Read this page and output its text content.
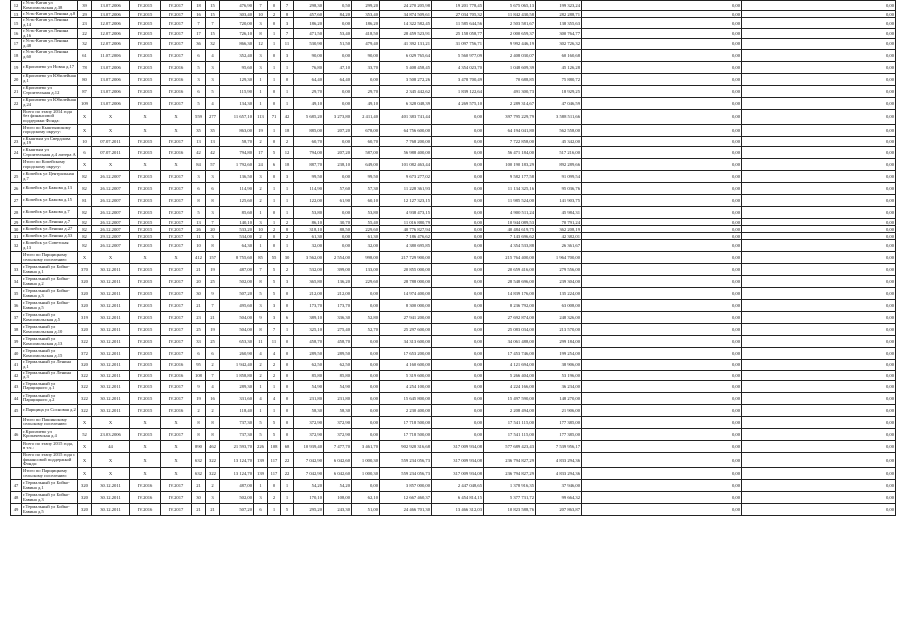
12	г.Усть-Катав ул Комсомольская д.38	39	13.07.2006	IV.2015	IV.2017	18	15	476,90	7	0	7	298,30	0,50	299,20	24 270 205,98	19 201 778,45	5 675 065,13	199 323,24	0,00	0,00
13	г.Усть-Катав ул Ленина д.8	29	13.07.2006	IV.2015	IV.2017	16	15	303,40	10	2	8	457,60	84,20	353,40	34 874 509,61	27 034 705,32	11 842 430,58	282 288,71	0,00	0,00
15	г.Усть-Катав ул Ленина д.14	23	12.07.2006	IV.2015	IV.2017	7	7	720,00	3	0	3	186,20	0,00	186,20	14 322 582,45	11 585 644,56	2 503 581,67	138 355,63	0,00	0,00
16	г.Усть-Катав ул Ленина д.16	22	12.07.2006	IV.2015	IV.2017	17	15	726,10	8	1	7	471,50	53,40	418,50	28 459 523,91	25 158 058,77	2 000 659,37	300 764,77	0,00	0,00
17	г.Усть-Катав ул Ленина д.48	32	12.07.2006	IV.2015	IV.2017	36	32	866,30	12	1	11	530,90	51,50	479,40	41 392 131,21	31 097 756,71	9 992 446,19	302 726,32	0,00	0,00
18	г.Усть-Катав ул Ленина д.60	61	11.07.2006	IV.2015	IV.2017	6	4	352,40	3	0	3	90,00	0,00	90,00	6 029 765,64	5 560 977,09	2 408 030,07	60 160,68	0,00	0,00
19	г.Кропачево ул Новая д.17	78	13.07.2006	IV.2015	IV.2016	5	3	95,60	3	1	1	76,80	47,10	33,70	5 408 458,45	4 354 023,70	1 048 609,39	45 126,28	0,00	0,00
20	г.Кропачево ул Юбилейная д.1	80	13.07.2006	IV.2015	IV.2016	3	3	129,30	1	1	0	64,40	64,40	0,00	3 508 272,26	3 478 700,49	70 688,85	75 880,72	0,00	0,00
21	г.Кропачево ул Строительная д.12	87	13.07.2006	IV.2015	IV.2016	6	5	115,90	1	0	1	29,70	0,00	29,70	2 345 442,62	1 839 122,64	491 300,73	18 929,25	0,00	0,00
22	г.Кропачево ул Юбилейная д.24	109	13.07.2006	IV.2015	IV.2017	5	4	134,30	1	0	1	49,10	0,00	49,10	6 328 048,39	4 269 575,10	2 289 314,67	47 046,59	0,00	0,00
	Всего по этапу 2014 года без финансовой поддержки Фонда:	X	X	X	X	559	277	11 657,10	113	71	42	5 685,20	3 273,80	2 411,40	401 383 741,44	0,00	397 795 229,79	3 588 511,66	0,00	0,00
	Итого по Кыштымскому городскому округу:	X	X	X	X	35	35	863,00	19	1	18	885,00	207,20	678,00	64 756 600,00	0,00	64 194 041,80	562 558,00	0,00	0,00
23	г.Кыштым ул Свердлова д.19	10	07.07.2011	IV.2015	IV.2017	13	13	58,70	2	0	2	60,70	0,00	60,70	7 768 200,00	0,00	7 722 858,00	45 342,00	0,00	0,00
24	г.Кыштым ул Строительная д.4 литера А	6	07.07.2011	IV.2015	IV.2016	42	42	794,80	17	5	12	794,00	207,20	587,00	56 988 400,00	0,00	56 471 184,00	517 216,00	0,00	0,00
	Итого по Копейскому городскому округу:	X	X	X	X	84	57	1 792,60	24	6	18	887,70	238,10	649,00	101 082 463,44	0,00	100 190 183,29	892 289,66	0,00	0,00
25	г.Копейск ул Центральная д.7	82	26.12.2007	IV.2015	IV.2017	3	3	136,50	3	0	3	99,50	0,00	99,50	9 673 277,02	0,00	9 582 177,58	91 099,54	0,00	0,00
26	г.Копейск ул Бажова д.13	82	26.12.2007	IV.2015	IV.2017	6	6	114,90	2	1	1	114,90	57,60	57,30	11 228 361,93	0,00	11 134 325,16	95 036,76	0,00	0,00
27	г.Копейск ул Бажова д.15	81	26.12.2007	IV.2015	IV.2017	8	8	125,60	2	1	1	122,00	61,90	60,10	12 127 323,15	0,00	11 985 524,00	141 903,75	0,00	0,00
28	г.Копейск ул Бажова д.7	82	26.12.2007	IV.2015	IV.2017	5	3	85,60	1	0	1	53,80	0,00	53,80	4 938 473,15	0,00	4 900 511,24	45 984,31	0,00	0,00
29	г.Копейск ул Ленина д.7	82	26.12.2007	IV.2015	IV.2017	13	7	140,10	3	1	2	86,10	30,70	55,40	11 016 880,79	0,00	10 944 089,53	70 791,24	0,00	0,00
30	г.Копейск ул Ленина д.27	82	26.12.2007	IV.2015	IV.2017	26	20	533,20	10	2	8	318,10	88,50	229,60	40 776 827,94	0,00	40 484 619,75	362 208,19	0,00	0,00
31	г.Копейск ул Ленина д.53	82	29.12.2007	IV.2015	IV.2017	11	3	534,00	2	0	2	61,30	0,00	61,30	7 186 476,62	0,00	7 143 696,62	42 382,01	0,00	0,00
32	г.Копейск ул Советская д.13	82	26.12.2007	IV.2015	IV.2017	10	8	64,30	1	0	1	32,00	0,00	32,00	4 380 695,85	0,00	4 354 533,88	26 361,67	0,00	0,00
	Итого по Парщицкому сельскому поселению:	X	X	X	X	412	157	8 755,60	85	55	30	3 562,00	2 554,00	998,00	217 729 900,00	0,00	215 764 400,00	1 964 700,00	0,00	0,00
33	г.Термальный ул Бойко-Бавина д.1	370	30.12.2011	IV.2015	IV.2017	21	19	487,00	7	5	2	532,00	399,00	133,00	20 855 000,00	0,00	20 659 416,00	279 556,00	0,00	0,00
34	г.Термальный ул Бойко-Бавина д.2	320	30.12.2011	IV.2015	IV.2017	20	25	502,00	8	5	3	365,80	136,20	229,60	28 788 000,00	0,00	28 548 696,00	239 304,00	0,00	0,00
35	г.Термальный ул Бойко-Бавина д.3	320	30.12.2011	IV.2015	IV.2017	30	9	507,20	5	5	0	212,00	212,00	0,00	14 974 400,00	0,00	14 839 176,00	135 224,00	0,00	0,00
36	г.Термальный ул Бойко-Бавина д.5	320	30.12.2011	IV.2015	IV.2017	21	7	495,60	3	3	0	173,70	173,70	0,00	8 300 000,00	0,00	8 236 792,00	63 008,00	0,00	0,00
37	г.Термальный ул Комсомольская д.5	319	30.12.2011	IV.2015	IV.2017	23	21	504,00	9	3	6	389,10	336,30	52,80	27 941 200,00	0,00	27 692 874,00	248 326,00	0,00	0,00
38	г.Термальный ул Комсомольская д.10	320	30.12.2011	IV.2015	IV.2017	25	19	504,00	8	7	1	325,10	275,40	52,70	25 297 600,00	0,00	25 083 034,00	213 570,00	0,00	0,00
39	г.Термальный ул Комсомольская д.13	322	30.12.2011	IV.2015	IV.2017	33	25	653,30	11	11	0	458,70	458,70	0,00	34 313 600,00	0,00	34 061 488,00	299 184,00	0,00	0,00
40	г.Термальный ул Комсомольская д.15	372	30.12.2011	IV.2015	IV.2017	6	6	260,90	4	4	0	289,50	289,50	0,00	17 653 200,00	0,00	17 453 746,00	199 254,00	0,00	0,00
41	г.Термальный ул Ленина д.1	320	30.12.2011	IV.2015	IV.2016	95	2	1 942,40	2	2	0	62,50	62,50	0,00	4 160 600,00	0,00	4 121 694,00	38 906,00	0,00	0,00
42	г.Термальный ул Ленина д.3	322	30.12.2011	IV.2015	IV.2016	108	7	1 858,80	2	2	0	85,80	85,80	0,00	5 319 600,00	0,00	5 266 404,00	53 196,00	0,00	0,00
43	г.Термальный ул Парщицкого д.1	322	30.12.2011	IV.2015	IV.2017	9	4	289,30	1	1	0	54,90	54,90	0,00	4 254 100,00	0,00	4 224 166,00	36 234,00	0,00	0,00
44	г.Термальный ул Парщицкого д.2	322	30.12.2011	IV.2015	IV.2017	19	16	331,60	4	4	0	231,80	231,80	0,00	15 645 800,00	0,00	15 497 590,00	148 270,00	0,00	0,00
45	г.Парщица ул Сосновая д.2	322	30.12.2011	IV.2015	IV.2016	2	2	118,40	1	1	0	58,30	58,30	0,00	2 230 400,00	0,00	2 208 494,00	21 906,00	0,00	0,00
	Итого по Пашинскому сельскому поселению:	X	X	X	X	8	8	737,30	5	5	0	372,90	372,90	0,00	17 718 500,00	0,00	17 541 115,00	177 385,00	0,00	0,00
46	г.Кропачево ул Кропачевская д.4	52	23.03.2006	IV.2015	IV.2017	8	8	737,30	5	5	0	372,90	372,90	0,00	17 718 500,00	0,00	17 541 115,00	177 385,00	0,00	0,00
	Всего по этапу 2015 года, в т.ч.:	X	44	X	X	890	462	21 593,70	226	108	68	10 939,40	7 477,70	3 461,70	902 928 316,68	317 009 934,08	577 689 423,43	7 539 956,17	0,00	0,00
	Всего по этапу 2015 года с финансовой поддержкой Фонда:	X	X	X	X	632	322	13 124,70	139	117	22	7 042,90	6 042,60	1 000,30	559 234 056,73	317 009 934,08	236 794 827,29	4 833 294,36	0,00	0,00
	Итого по Парщицкому сельскому поселению:	X	X	X	X	632	322	13 124,70	139	117	22	7 042,90	6 042,60	1 000,30	559 234 056,73	317 009 934,08	236 794 827,29	4 833 294,36	0,00	0,00
47	г.Термальный ул Бойко-Бавина д.1	320	30.12.2011	IV.2016	IV.2017	21	2	487,00	1	0	1	54,20	54,20	0,00	3 857 000,00	2 447 048,65	1 378 916,35	37 946,00	0,00	0,00
48	г.Термальный ул Бойко-Бавина д.3	320	30.12.2011	IV.2016	IV.2017	30	3	502,00	3	2	1	170,10	108,00	62,10	12 667 460,37	6 454 814,15	5 377 731,72	99 664,32	0,00	0,00
49	г.Термальный ул Бойко-Бавина д.5	320	30.12.2011	IV.2016	IV.2017	21	21	507,20	6	1	5	295,20	243,30	51,00	24 466 701,30	13 466 312,03	10 823 588,76	207 863,87	0,00	0,00
